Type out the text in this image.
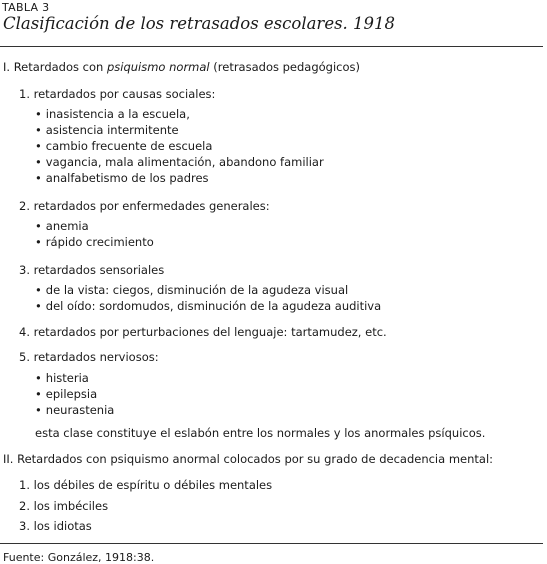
TABLA 3
Clasificación de los retrasados escolares. 1918
I. Retardados con psiquismo normal (retrasados pedagógicos)
1. retardados por causas sociales:
• inasistencia a la escuela,
• asistencia intermitente
• cambio frecuente de escuela
• vagancia, mala alimentación, abandono familiar
• analfabetismo de los padres
2. retardados por enfermedades generales:
• anemia
• rápido crecimiento
3. retardados sensoriales
• de la vista: ciegos, disminución de la agudeza visual
• del oído: sordomudos, disminución de la agudeza auditiva
4. retardados por perturbaciones del lenguaje: tartamudez, etc.
5. retardados nerviosos:
• histeria
• epilepsia
• neurastenia
esta clase constituye el eslabón entre los normales y los anormales psíquicos.
II. Retardados con psiquismo anormal colocados por su grado de decadencia mental:
1. los débiles de espíritu o débiles mentales
2. los imbéciles
3. los idiotas
Fuente: González, 1918:38.
